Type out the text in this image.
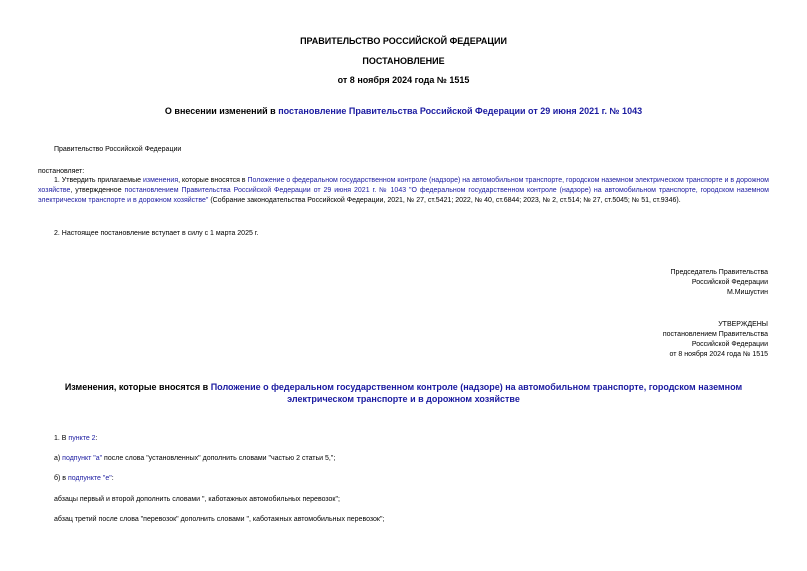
ПРАВИТЕЛЬСТВО РОССИЙСКОЙ ФЕДЕРАЦИИ
ПОСТАНОВЛЕНИЕ
от 8 ноября 2024 года № 1515
О внесении изменений в постановление Правительства Российской Федерации от 29 июня 2021 г. № 1043
Правительство Российской Федерации
постановляет:
1. Утвердить прилагаемые изменения, которые вносятся в Положение о федеральном государственном контроле (надзоре) на автомобильном транспорте, городском наземном электрическом транспорте и в дорожном хозяйстве, утвержденное постановлением Правительства Российской Федерации от 29 июня 2021 г. № 1043 "О федеральном государственном контроле (надзоре) на автомобильном транспорте, городском наземном электрическом транспорте и в дорожном хозяйстве" (Собрание законодательства Российской Федерации, 2021, № 27, ст.5421; 2022, № 40, ст.6844; 2023, № 2, ст.514; № 27, ст.5045; № 51, ст.9346).
2. Настоящее постановление вступает в силу с 1 марта 2025 г.
Председатель Правительства
Российской Федерации
М.Мишустин
УТВЕРЖДЕНЫ
постановлением Правительства
Российской Федерации
от 8 ноября 2024 года № 1515
Изменения, которые вносятся в Положение о федеральном государственном контроле (надзоре) на автомобильном транспорте, городском наземном электрическом транспорте и в дорожном хозяйстве
1. В пункте 2:
а) подпункт "а" после слова "установленных" дополнить словами "частью 2 статьи 5,";
б) в подпункте "е":
абзацы первый и второй дополнить словами ", каботажных автомобильных перевозок";
абзац третий после слова "перевозок" дополнить словами ", каботажных автомобильных перевозок";
